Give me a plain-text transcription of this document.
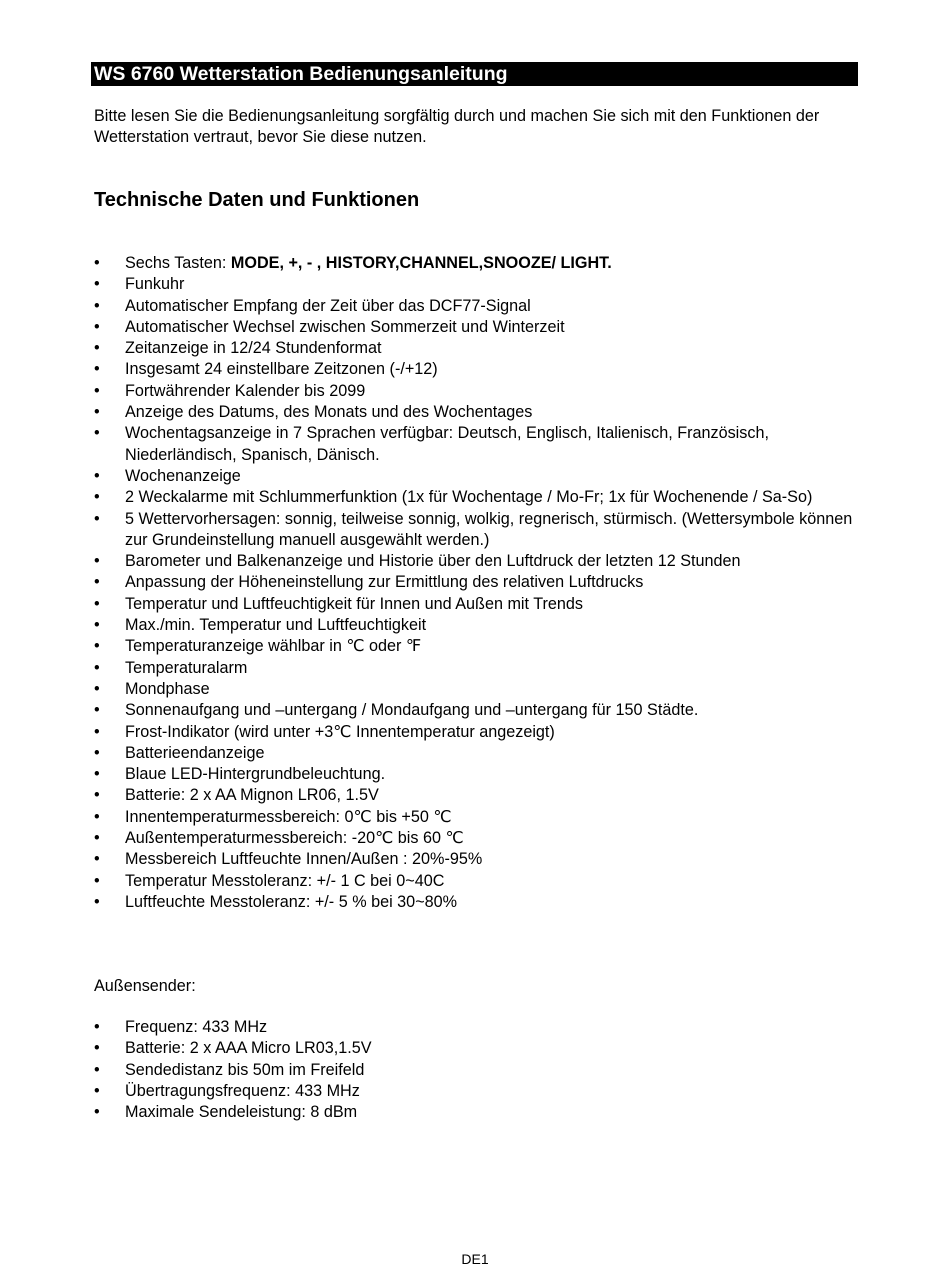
WS 6760 Wetterstation Bedienungsanleitung

Bitte lesen Sie die Bedienungsanleitung sorgfältig durch und machen Sie sich mit den Funktionen der Wetterstation vertraut, bevor Sie diese nutzen.

Technische Daten und Funktionen
•	Sechs Tasten: MODE, +, - , HISTORY,CHANNEL,SNOOZE/ LIGHT.
•	Funkuhr
•	Automatischer Empfang der Zeit über das DCF77-Signal
•	Automatischer Wechsel zwischen Sommerzeit und Winterzeit
•	Zeitanzeige in 12/24 Stundenformat
•	Insgesamt 24 einstellbare Zeitzonen (-/+12)
•	Fortwährender Kalender bis 2099
•	Anzeige des Datums, des Monats und des Wochentages
•	Wochentagsanzeige in 7 Sprachen verfügbar: Deutsch, Englisch, Italienisch, Französisch, Niederländisch, Spanisch, Dänisch.
•	Wochenanzeige
•	2 Weckalarme mit Schlummerfunktion (1x für Wochentage / Mo-Fr; 1x für Wochenende / Sa-So)
•	5 Wettervorhersagen: sonnig, teilweise sonnig, wolkig, regnerisch, stürmisch. (Wettersymbole können zur Grundeinstellung manuell ausgewählt werden.)
•	Barometer und Balkenanzeige und Historie über den Luftdruck der letzten 12 Stunden
•	Anpassung der Höheneinstellung zur Ermittlung des relativen Luftdrucks
•	Temperatur und Luftfeuchtigkeit für Innen und Außen mit Trends
•	Max./min. Temperatur und Luftfeuchtigkeit
•	Temperaturanzeige wählbar in ℃ oder ℉
•	Temperaturalarm
•	Mondphase
•	Sonnenaufgang und –untergang / Mondaufgang und –untergang für 150 Städte.
•	Frost-Indikator (wird unter +3℃ Innentemperatur angezeigt)
•	Batterieendanzeige
•	Blaue LED-Hintergrundbeleuchtung.
•	Batterie: 2 x AA Mignon LR06, 1.5V
•	Innentemperaturmessbereich: 0℃ bis +50 ℃
•	Außentemperaturmessbereich: -20℃ bis 60 ℃
•	Messbereich Luftfeuchte Innen/Außen : 20%-95%
•	Temperatur Messtoleranz: +/- 1 C bei 0~40C
•	Luftfeuchte Messtoleranz: +/- 5 % bei 30~80%

Außensender:

•	Frequenz: 433 MHz
•	Batterie: 2 x AAA Micro LR03,1.5V
•	Sendedistanz bis 50m im Freifeld
•	Übertragungsfrequenz: 433 MHz
•	Maximale Sendeleistung: 8 dBm
DE1
